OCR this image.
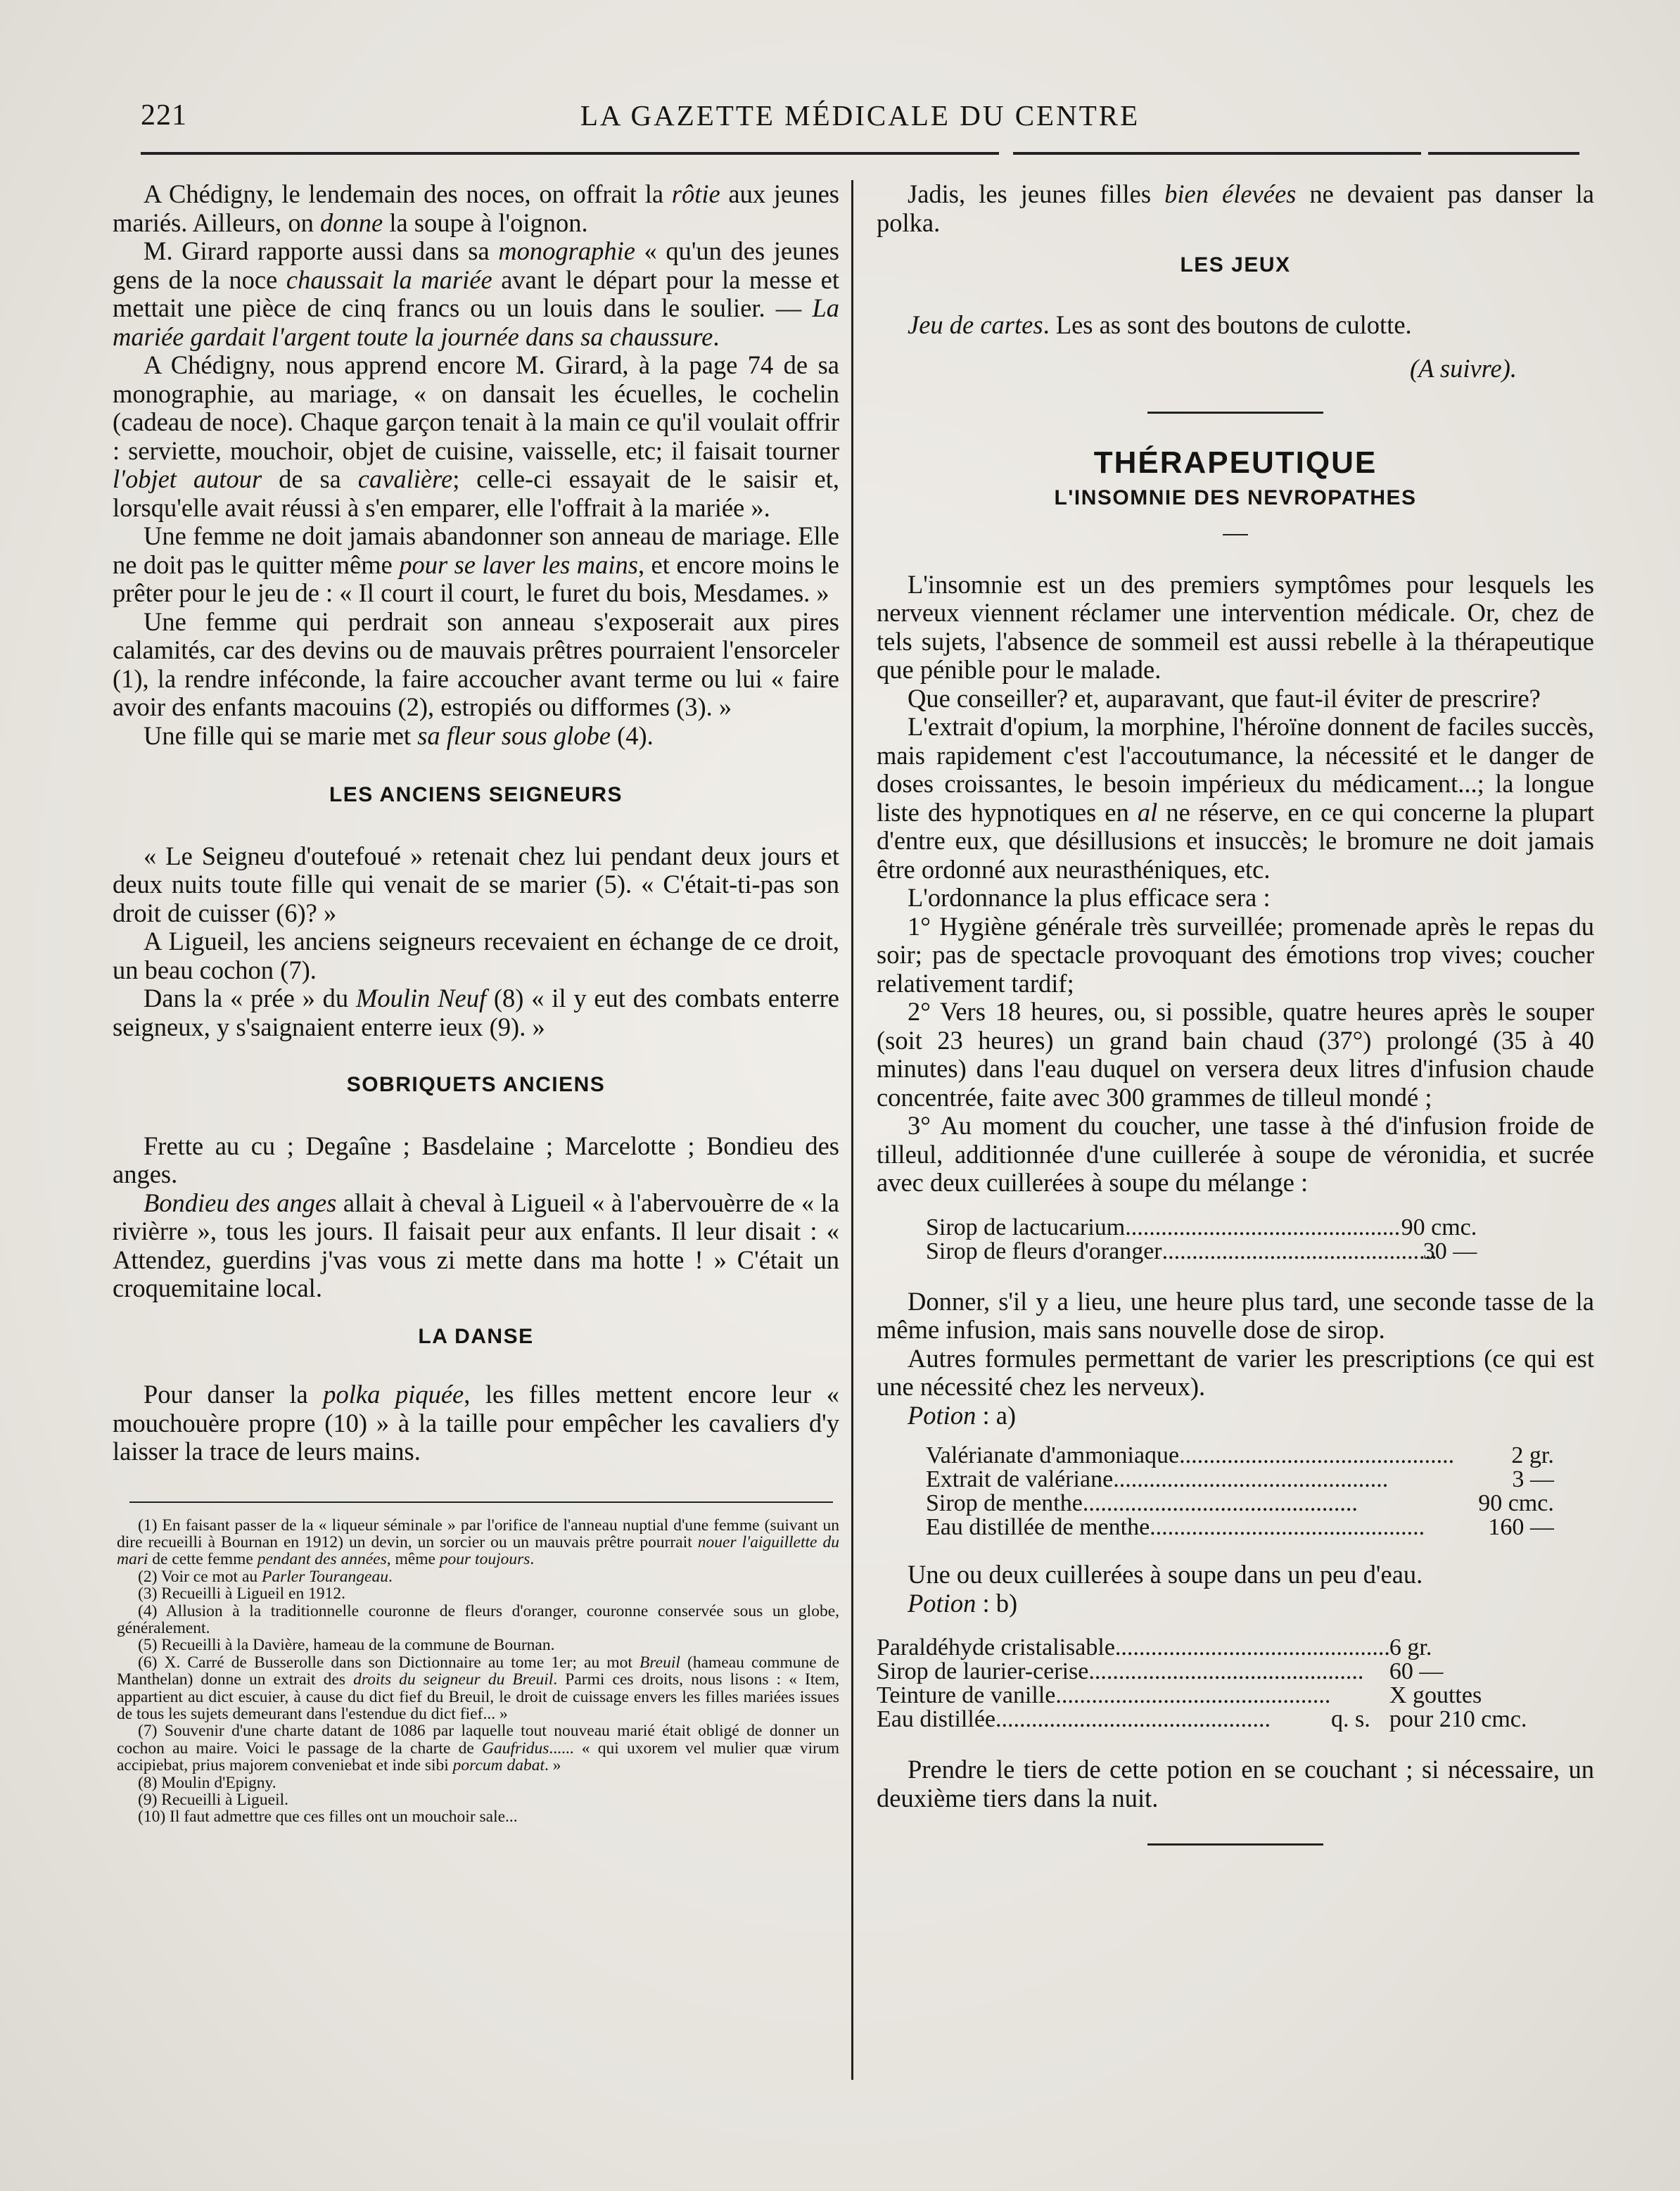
221	LA GAZETTE MÉDICALE DU CENTRE

A Chédigny, le lendemain des noces, on offrait la rôtie aux jeunes mariés. Ailleurs, on donne la soupe à l'oignon.

M. Girard rapporte aussi dans sa monographie « qu'un des jeunes gens de la noce chaussait la mariée avant le départ pour la messe et mettait une pièce de cinq francs ou un louis dans le soulier. — La mariée gardait l'argent toute la journée dans sa chaussure.

A Chédigny, nous apprend encore M. Girard, à la page 74 de sa monographie, au mariage, « on dansait les écuelles, le cochelin (cadeau de noce). Chaque garçon tenait à la main ce qu'il voulait offrir : serviette, mouchoir, objet de cuisine, vaisselle, etc; il faisait tourner l'objet autour de sa cavalière; celle-ci essayait de le saisir et, lorsqu'elle avait réussi à s'en emparer, elle l'offrait à la mariée ».

Une femme ne doit jamais abandonner son anneau de mariage. Elle ne doit pas le quitter même pour se laver les mains, et encore moins le prêter pour le jeu de : « Il court il court, le furet du bois, Mesdames. »

Une femme qui perdrait son anneau s'exposerait aux pires calamités, car des devins ou de mauvais prêtres pourraient l'ensorceler (1), la rendre inféconde, la faire accoucher avant terme ou lui « faire avoir des enfants macouins (2), estropiés ou difformes (3). »

Une fille qui se marie met sa fleur sous globe (4).

LES ANCIENS SEIGNEURS

« Le Seigneu d'outefoué » retenait chez lui pendant deux jours et deux nuits toute fille qui venait de se marier (5). « C'était-ti-pas son droit de cuisser (6)? »

A Ligueil, les anciens seigneurs recevaient en échange de ce droit, un beau cochon (7).

Dans la « prée » du Moulin Neuf (8) « il y eut des combats enterre seigneux, y s'saignaient enterre ieux (9). »

SOBRIQUETS ANCIENS

Frette au cu ; Degaîne ; Basdelaine ; Marcelotte ; Bondieu des anges.

Bondieu des anges allait à cheval à Ligueil « à l'abervouèrre de « la rivièrre », tous les jours. Il faisait peur aux enfants. Il leur disait : « Attendez, guerdins j'vas vous zi mette dans ma hotte ! » C'était un croquemitaine local.

LA DANSE

Pour danser la polka piquée, les filles mettent encore leur « mouchouère propre (10) » à la taille pour empêcher les cavaliers d'y laisser la trace de leurs mains.

(1) En faisant passer de la « liqueur séminale » par l'orifice de l'anneau nuptial d'une femme (suivant un dire recueilli à Bournan en 1912) un devin, un sorcier ou un mauvais prêtre pourrait nouer l'aiguillette du mari de cette femme pendant des années, même pour toujours.

(2) Voir ce mot au Parler Tourangeau.

(3) Recueilli à Ligueil en 1912.

(4) Allusion à la traditionnelle couronne de fleurs d'oranger, couronne conservée sous un globe, généralement.

(5) Recueilli à la Davière, hameau de la commune de Bournan.

(6) X. Carré de Busserolle dans son Dictionnaire au tome 1er; au mot Breuil (hameau commune de Manthelan) donne un extrait des droits du seigneur du Breuil. Parmi ces droits, nous lisons : « Item, appartient au dict escuier, à cause du dict fief du Breuil, le droit de cuissage envers les filles mariées issues de tous les sujets demeurant dans l'estendue du dict fief... »

(7) Souvenir d'une charte datant de 1086 par laquelle tout nouveau marié était obligé de donner un cochon au maire. Voici le passage de la charte de Gaufridus...... « qui uxorem vel mulier quæ virum accipiebat, prius majorem conveniebat et inde sibi porcum dabat. »

(8) Moulin d'Epigny.

(9) Recueilli à Ligueil.

(10) Il faut admettre que ces filles ont un mouchoir sale...

Jadis, les jeunes filles bien élevées ne devaient pas danser la polka.

LES JEUX

Jeu de cartes. Les as sont des boutons de culotte.

(A suivre).
THÉRAPEUTIQUE
L'INSOMNIE DES NEVROPATHES

L'insomnie est un des premiers symptômes pour lesquels les nerveux viennent réclamer une intervention médicale. Or, chez de tels sujets, l'absence de sommeil est aussi rebelle à la thérapeutique que pénible pour le malade.

Que conseiller? et, auparavant, que faut-il éviter de prescrire?

L'extrait d'opium, la morphine, l'héroïne donnent de faciles succès, mais rapidement c'est l'accoutumance, la nécessité et le danger de doses croissantes, le besoin impérieux du médicament...; la longue liste des hypnotiques en al ne réserve, en ce qui concerne la plupart d'entre eux, que désillusions et insuccès; le bromure ne doit jamais être ordonné aux neurasthéniques, etc.

L'ordonnance la plus efficace sera :

1° Hygiène générale très surveillée; promenade après le repas du soir; pas de spectacle provoquant des émotions trop vives; coucher relativement tardif;

2° Vers 18 heures, ou, si possible, quatre heures après le souper (soit 23 heures) un grand bain chaud (37°) prolongé (35 à 40 minutes) dans l'eau duquel on versera deux litres d'infusion chaude concentrée, faite avec 300 grammes de tilleul mondé ;

3° Au moment du coucher, une tasse à thé d'infusion froide de tilleul, additionnée d'une cuillerée à soupe de véronidia, et sucrée avec deux cuillerées à soupe du mélange :

Sirop de lactucarium..............................................	90 cmc.
Sirop de fleurs d'oranger..............................................	30 —

Donner, s'il y a lieu, une heure plus tard, une seconde tasse de la même infusion, mais sans nouvelle dose de sirop.

Autres formules permettant de varier les prescriptions (ce qui est une nécessité chez les nerveux).

Potion : a)

Valérianate d'ammoniaque..............................................	2 gr.
Extrait de valériane..............................................	3 —
Sirop de menthe..............................................	90 cmc.
Eau distillée de menthe..............................................	160 —

Une ou deux cuillerées à soupe dans un peu d'eau.

Potion : b)

Paraldéhyde cristalisable..............................................		6 gr.
Sirop de laurier-cerise..............................................		60 —
Teinture de vanille..............................................		X gouttes
Eau distillée..............................................	q. s.	pour 210 cmc.

Prendre le tiers de cette potion en se couchant ; si nécessaire, un deuxième tiers dans la nuit.
